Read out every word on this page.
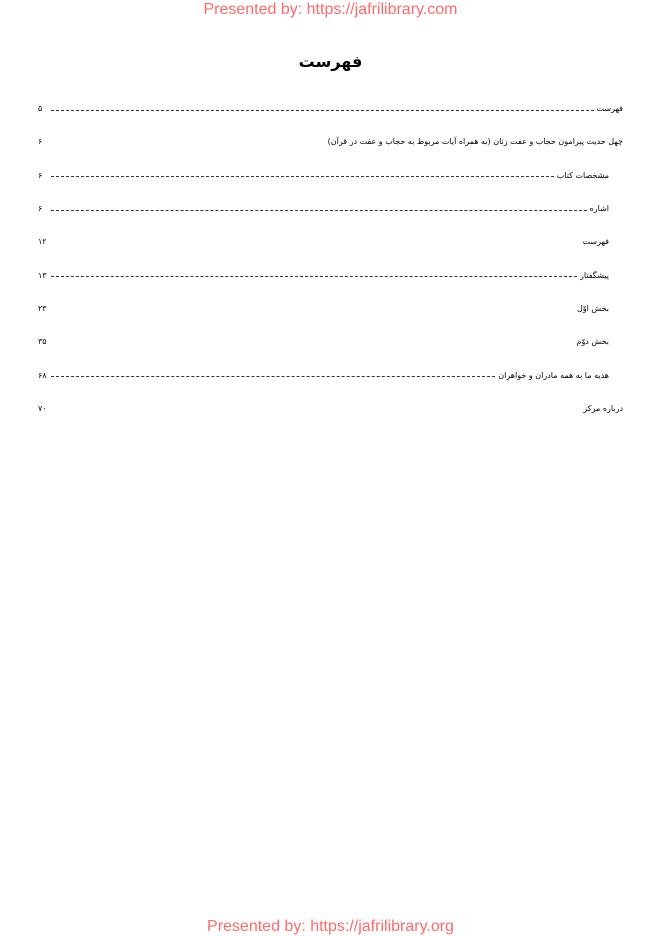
Presented by: https://jafrilibrary.com
فهرست
فهرست
۵
چهل حدیث پیرامون حجاب و عفت زنان (به همراه آیات مربوط به حجاب و عفت در قرآن)
۶
مشخصات کتاب
۶
اشاره
۶
فهرست
۱۲
پیشگفتار
۱۳
بخش اوّل
۲۳
بخش دوّم
۳۵
هدیه ما به همه مادران و خواهران
۶۸
درباره مرکز
۷۰
Presented by: https://jafrilibrary.org
